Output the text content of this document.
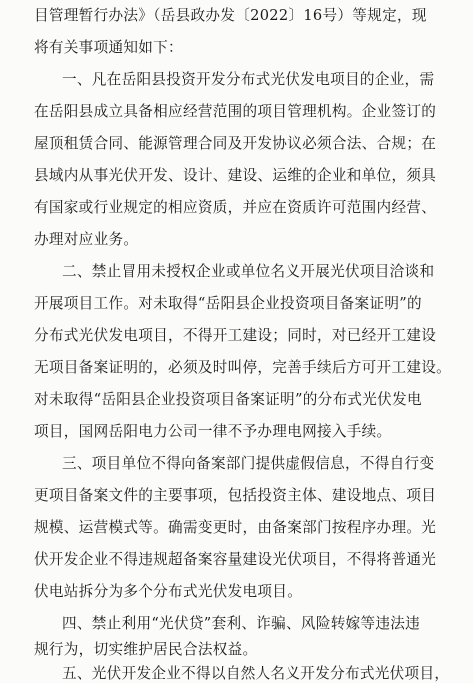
目管理暂行办法》（岳县政办发〔2022〕16号）等规定，现
将有关事项通知如下：
一、凡在岳阳县投资开发分布式光伏发电项目的企业，需
在岳阳县成立具备相应经营范围的项目管理机构。企业签订的
屋顶租赁合同、能源管理合同及开发协议必须合法、合规；在
县域内从事光伏开发、设计、建设、运维的企业和单位，须具
有国家或行业规定的相应资质，并应在资质许可范围内经营、
办理对应业务。
二、禁止冒用未授权企业或单位名义开展光伏项目洽谈和
开展项目工作。对未取得“岳阳县企业投资项目备案证明”的
分布式光伏发电项目，不得开工建设；同时，对已经开工建设
无项目备案证明的，必须及时叫停，完善手续后方可开工建设。
对未取得“岳阳县企业投资项目备案证明”的分布式光伏发电
项目，国网岳阳电力公司一律不予办理电网接入手续。
三、项目单位不得向备案部门提供虚假信息，不得自行变
更项目备案文件的主要事项，包括投资主体、建设地点、项目
规模、运营模式等。确需变更时，由备案部门按程序办理。光
伏开发企业不得违规超备案容量建设光伏项目，不得将普通光
伏电站拆分为多个分布式光伏发电项目。
四、禁止利用“光伏贷”套利、诈骗、风险转嫁等违法违
规行为，切实维护居民合法权益。
五、光伏开发企业不得以自然人名义开发分布式光伏项目，
